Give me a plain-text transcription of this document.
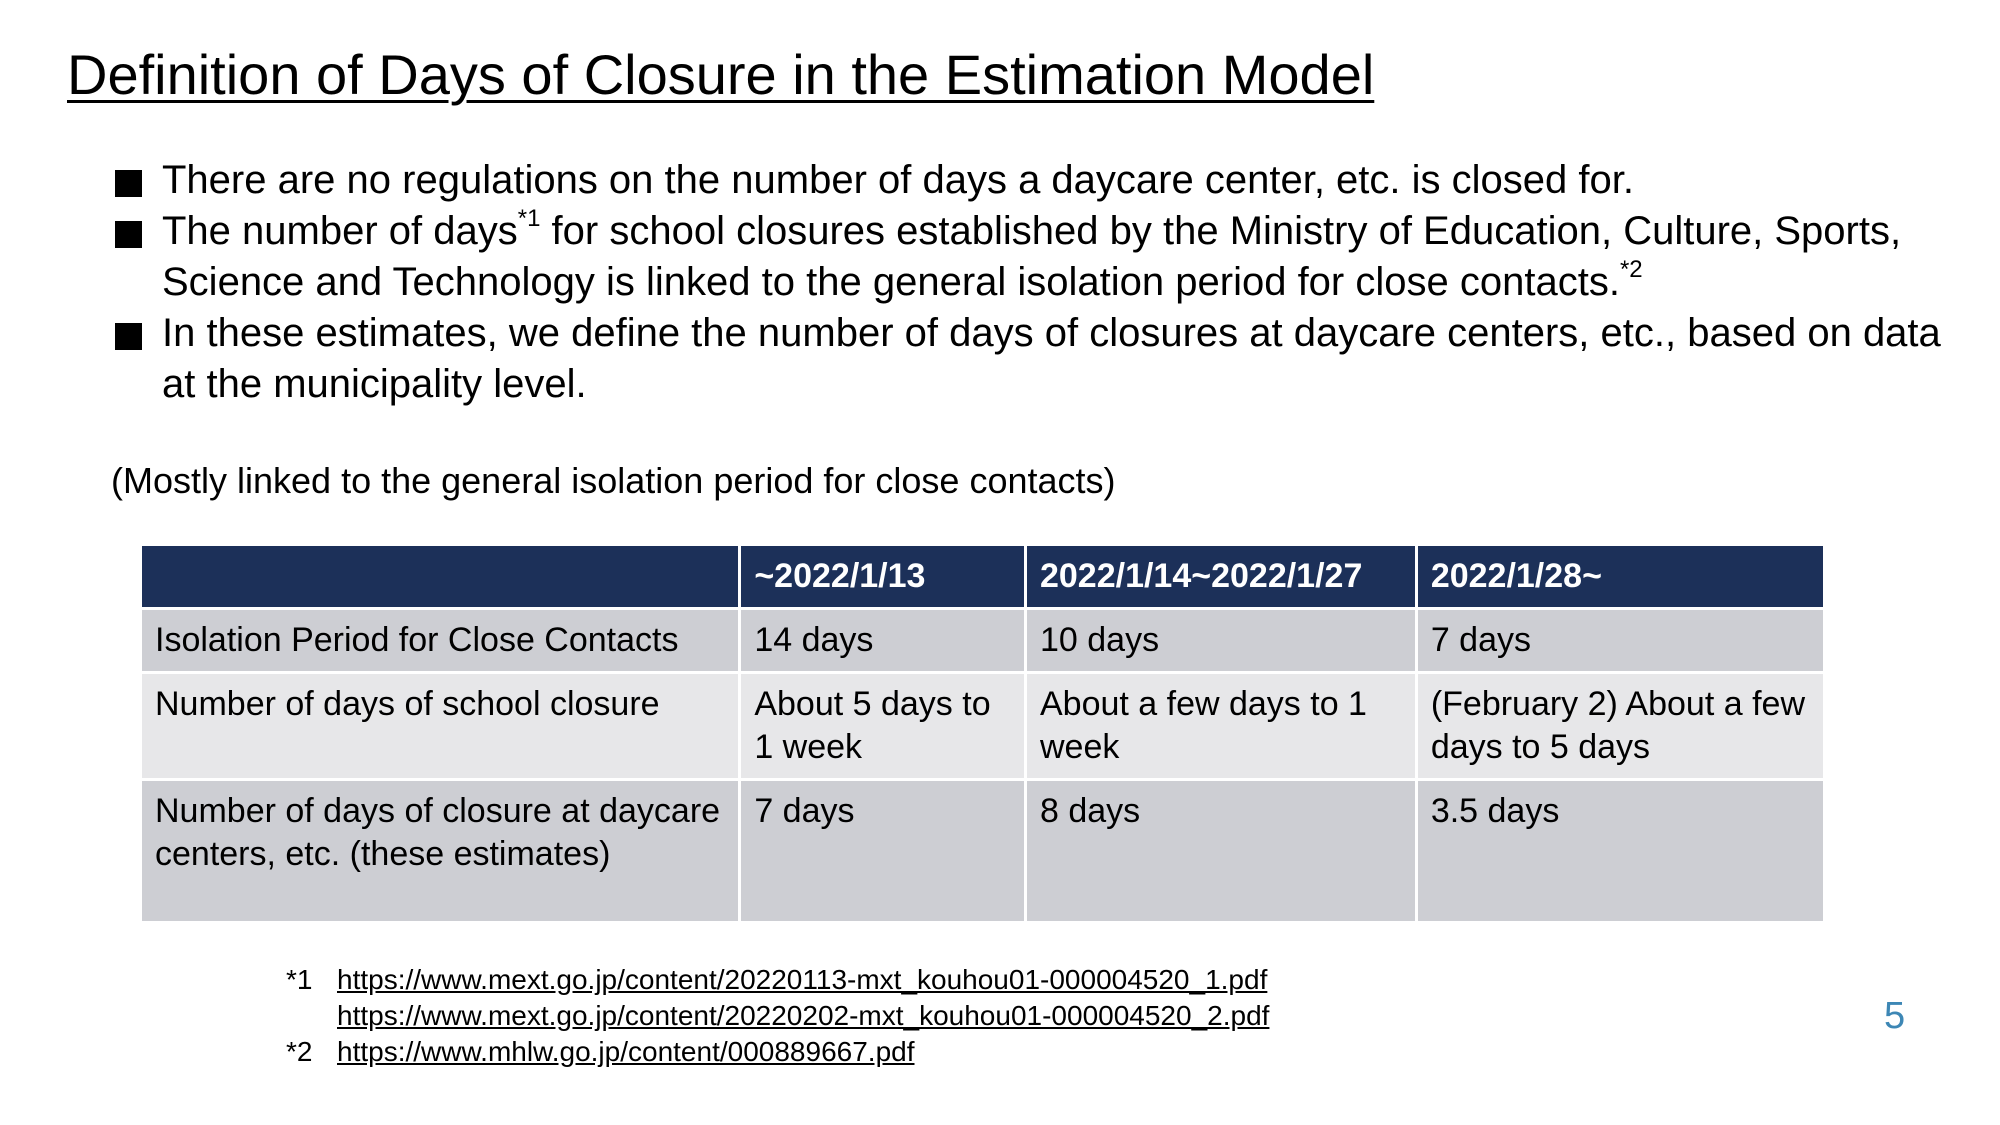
Definition of Days of Closure in the Estimation Model
There are no regulations on the number of days a daycare center, etc. is closed for.
The number of days$^{*1}$ for school closures established by the Ministry of Education, Culture, Sports, Science and Technology is linked to the general isolation period for close contacts.$^{*2}$
In these estimates, we define the number of days of closures at daycare centers, etc., based on data at the municipality level.
(Mostly linked to the general isolation period for close contacts)
	~2022/1/13	2022/1/14~2022/1/27	2022/1/28~
Isolation Period for Close Contacts	14 days	10 days	7 days
Number of days of school closure	About 5 days to 1 week	About a few days to 1 week	(February 2) About a few days to 5 days
Number of days of closure at daycare centers, etc. (these estimates)	7 days	8 days	3.5 days
*1 https://www.mext.go.jp/content/20220113-mxt_kouhou01-000004520_1.pdf
https://www.mext.go.jp/content/20220202-mxt_kouhou01-000004520_2.pdf
*2 https://www.mhlw.go.jp/content/000889667.pdf
5
